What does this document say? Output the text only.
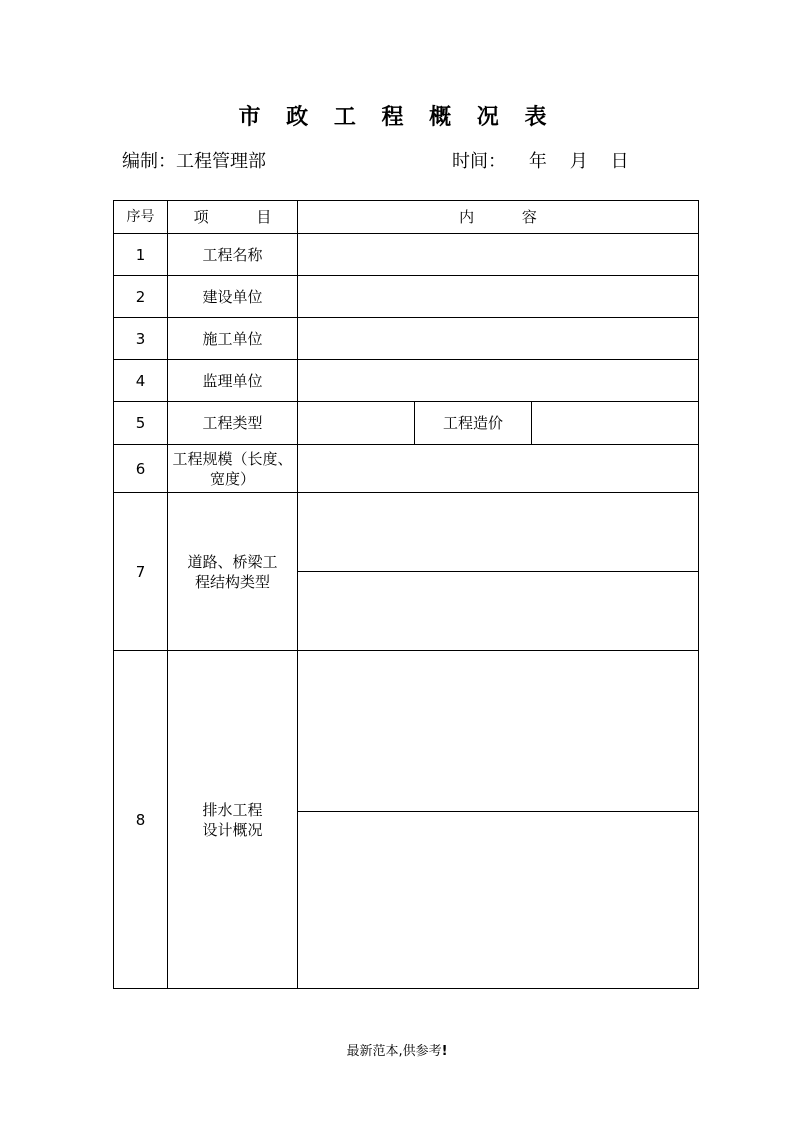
市 政 工 程 概 况 表
编制：工程管理部	时间：    年    月    日
序号	项          目	内          容		
1	工程名称			
2	建设单位			
3	施工单位			
4	监理单位			
5	工程类型		工程造价	
6	工程规模（长度、宽度）			
7	道路、桥梁工程结构类型			

8	排水工程设计概况			
最新范本,供参考!
